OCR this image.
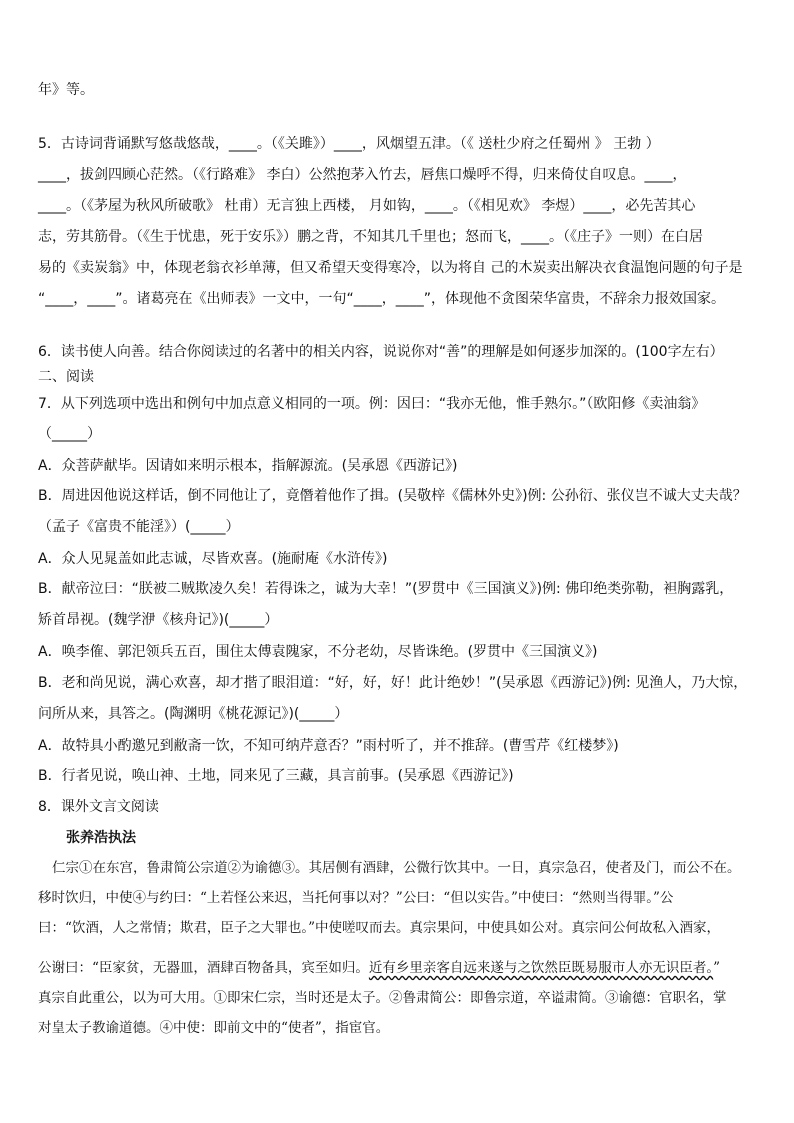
年》等。
5．古诗词背诵默写悠哉悠哉，____。（《关雎》）____，风烟望五津。（《 送杜少府之任蜀州 》 王勃 ）
____，拔剑四顾心茫然。（《行路难》 李白）公然抱茅入竹去，唇焦口燥呼不得，归来倚仗自叹息。____，
____。（《茅屋为秋风所破歌》 杜甫）无言独上西楼， 月如钩，____。（《相见欢》 李煜）____，必先苦其心
志，劳其筋骨。（《生于忧患，死于安乐》）鹏之背，不知其几千里也；怒而飞，____。（《庄子》一则）在白居
易的《卖炭翁》中，体现老翁衣衫单薄，但又希望天变得寒冷，以为将自 己的木炭卖出解决衣食温饱问题的句子是
“____，____”。诸葛亮在《出师表》一文中，一句“____，____”，体现他不贪图荣华富贵，不辞余力报效国家。
6．读书使人向善。结合你阅读过的名著中的相关内容，说说你对“善”的理解是如何逐步加深的。(100字左右）
二、阅读
7．从下列选项中选出和例句中加点意义相同的一项。例：因曰：“我亦无他，惟手熟尔。”（欧阳修《卖油翁》
（_____）
A．众菩萨献毕。因请如来明示根本，指解源流。(吴承恩《西游记》)
B．周进因他说这样话，倒不同他让了，竟僭着他作了揖。(吴敬梓《儒林外史》)例: 公孙衍、张仪岂不诚大丈夫哉？
（孟子《富贵不能淫》）(_____）
A．众人见晁盖如此志诚，尽皆欢喜。(施耐庵《水浒传》)
B．献帝泣曰：“朕被二贼欺凌久矣！若得诛之，诚为大幸！”(罗贯中《三国演义》)例: 佛印绝类弥勒，袒胸露乳，
矫首昂视。(魏学洢《核舟记》)(_____）
A．唤李傕、郭汜领兵五百，围住太傅袁隗家，不分老幼，尽皆诛绝。(罗贯中《三国演义》)
B．老和尚见说，满心欢喜，却才揩了眼泪道：“好，好，好！此计绝妙！”(吴承恩《西游记》)例: 见渔人，乃大惊，
问所从来，具答之。(陶渊明《桃花源记》)(_____）
A．故特具小酌邀兄到敝斋一饮，不知可纳芹意否？”雨村听了，并不推辞。(曹雪芹《红楼梦》)
B．行者见说，唤山神、土地，同来见了三藏，具言前事。(吴承恩《西游记》)
8．课外文言文阅读
张养浩执法
仁宗①在东宫，鲁肃简公宗道②为谕德③。其居侧有酒肆，公微行饮其中。一日，真宗急召，使者及门，而公不在。
移时饮归，中使④与约曰：“上若怪公来迟，当托何事以对？”公曰：“但以实告。”中使曰：“然则当得罪。”公
曰：“饮酒，人之常情；欺君，臣子之大罪也。”中使嗟叹而去。真宗果问，中使具如公对。真宗问公何故私入酒家，
公谢曰：“臣家贫，无器皿，酒肆百物备具，宾至如归。近有乡里亲客自远来遂与之饮然臣既易服市人亦无识臣者。”
真宗自此重公，以为可大用。①即宋仁宗，当时还是太子。②鲁肃简公：即鲁宗道，卒谥肃简。③谕德：官职名，掌
对皇太子教谕道德。④中使：即前文中的“使者”，指宦官。
